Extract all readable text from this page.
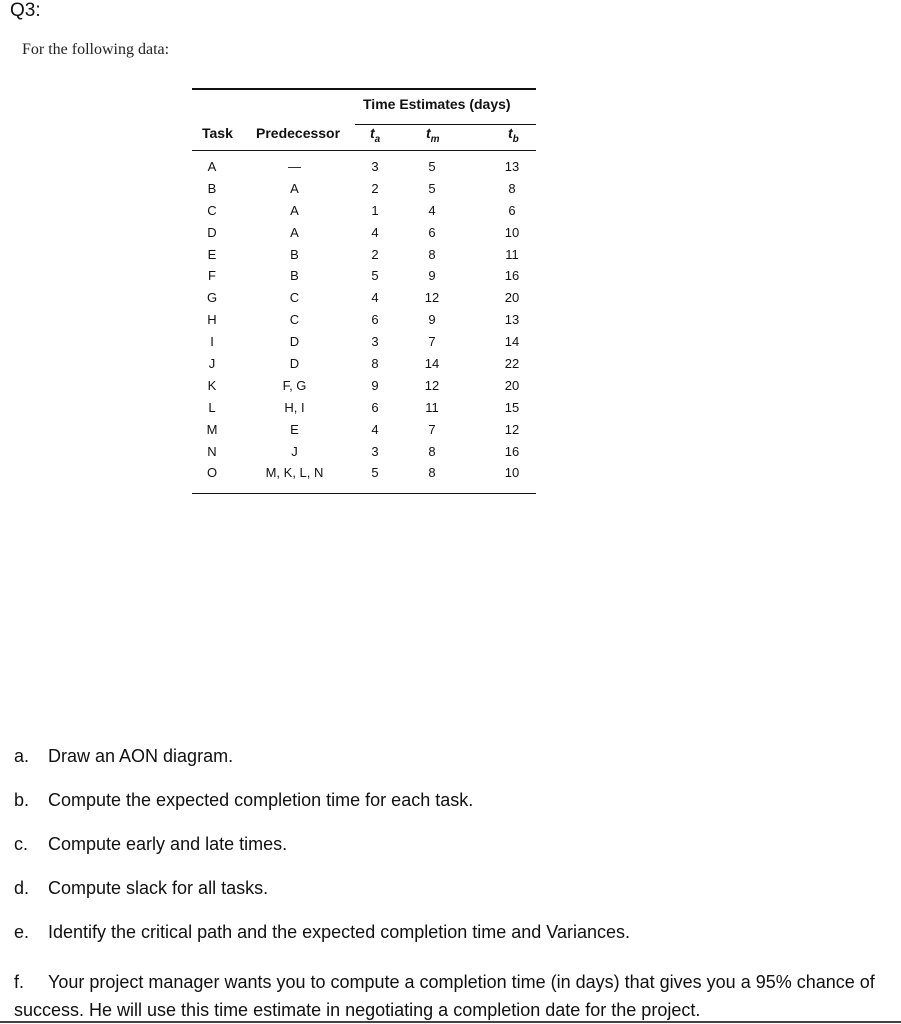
Q3:
For the following data:
Time Estimates (days)
Task Predecessor $t_a$	$t_m$	$t_b$
A	—	3	5	13
B	A	2	5	8
C	A	1	4	6
D	A	4	6	10
E	B	2	8	11
F	B	5	9	16
G	C	4	12	20
H	C	6	9	13
I	D	3	7	14
J	D	8	14	22
K	F, G	9	12	20
L	H, I	6	11	15
M	E	4	7	12
N	J	3	8	16
O	M, K, L, N	5	8	10
a. Draw an AON diagram.
b. Compute the expected completion time for each task.
c. Compute early and late times.
d. Compute slack for all tasks.
e. Identify the critical path and the expected completion time and Variances.
f. Your project manager wants you to compute a completion time (in days) that gives you a 95% chance of success. He will use this time estimate in negotiating a completion date for the project.
